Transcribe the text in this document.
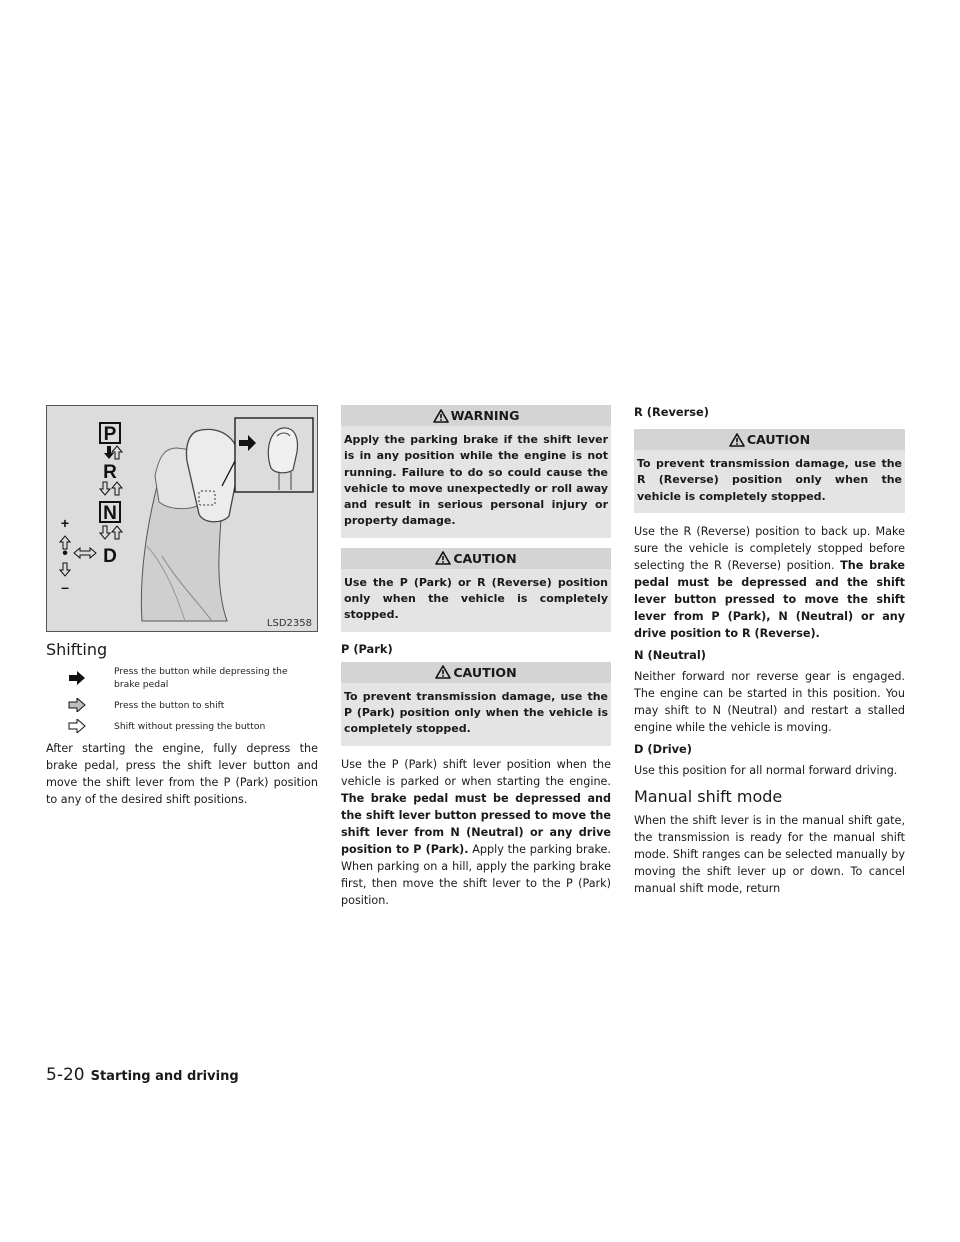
P
R
N
D
+
•
–
LSD2358
Shifting
Press the button while depressing the brake pedal
Press the button to shift
Shift without pressing the button

After starting the engine, fully depress the brake pedal, press the shift lever button and move the shift lever from the P (Park) position to any of the desired shift positions.

WARNING
Apply the parking brake if the shift lever is in any position while the engine is not running. Failure to do so could cause the vehicle to move unexpectedly or roll away and result in serious personal injury or property damage.
CAUTION
Use the P (Park) or R (Reverse) position only when the vehicle is completely stopped.
P (Park)
CAUTION
To prevent transmission damage, use the P (Park) position only when the vehicle is completely stopped.

Use the P (Park) shift lever position when the vehicle is parked or when starting the engine. The brake pedal must be depressed and the shift lever button pressed to move the shift lever from N (Neutral) or any drive position to P (Park). Apply the parking brake. When parking on a hill, apply the parking brake first, then move the shift lever to the P (Park) position.

R (Reverse)
CAUTION
To prevent transmission damage, use the R (Reverse) position only when the vehicle is completely stopped.

Use the R (Reverse) position to back up. Make sure the vehicle is completely stopped before selecting the R (Reverse) position. The brake pedal must be depressed and the shift lever button pressed to move the shift lever from P (Park), N (Neutral) or any drive position to R (Reverse).

N (Neutral)

Neither forward nor reverse gear is engaged. The engine can be started in this position. You may shift to N (Neutral) and restart a stalled engine while the vehicle is moving.

D (Drive)

Use this position for all normal forward driving.

Manual shift mode

When the shift lever is in the manual shift gate, the transmission is ready for the manual shift mode. Shift ranges can be selected manually by moving the shift lever up or down. To cancel manual shift mode, return

5-20 Starting and driving
